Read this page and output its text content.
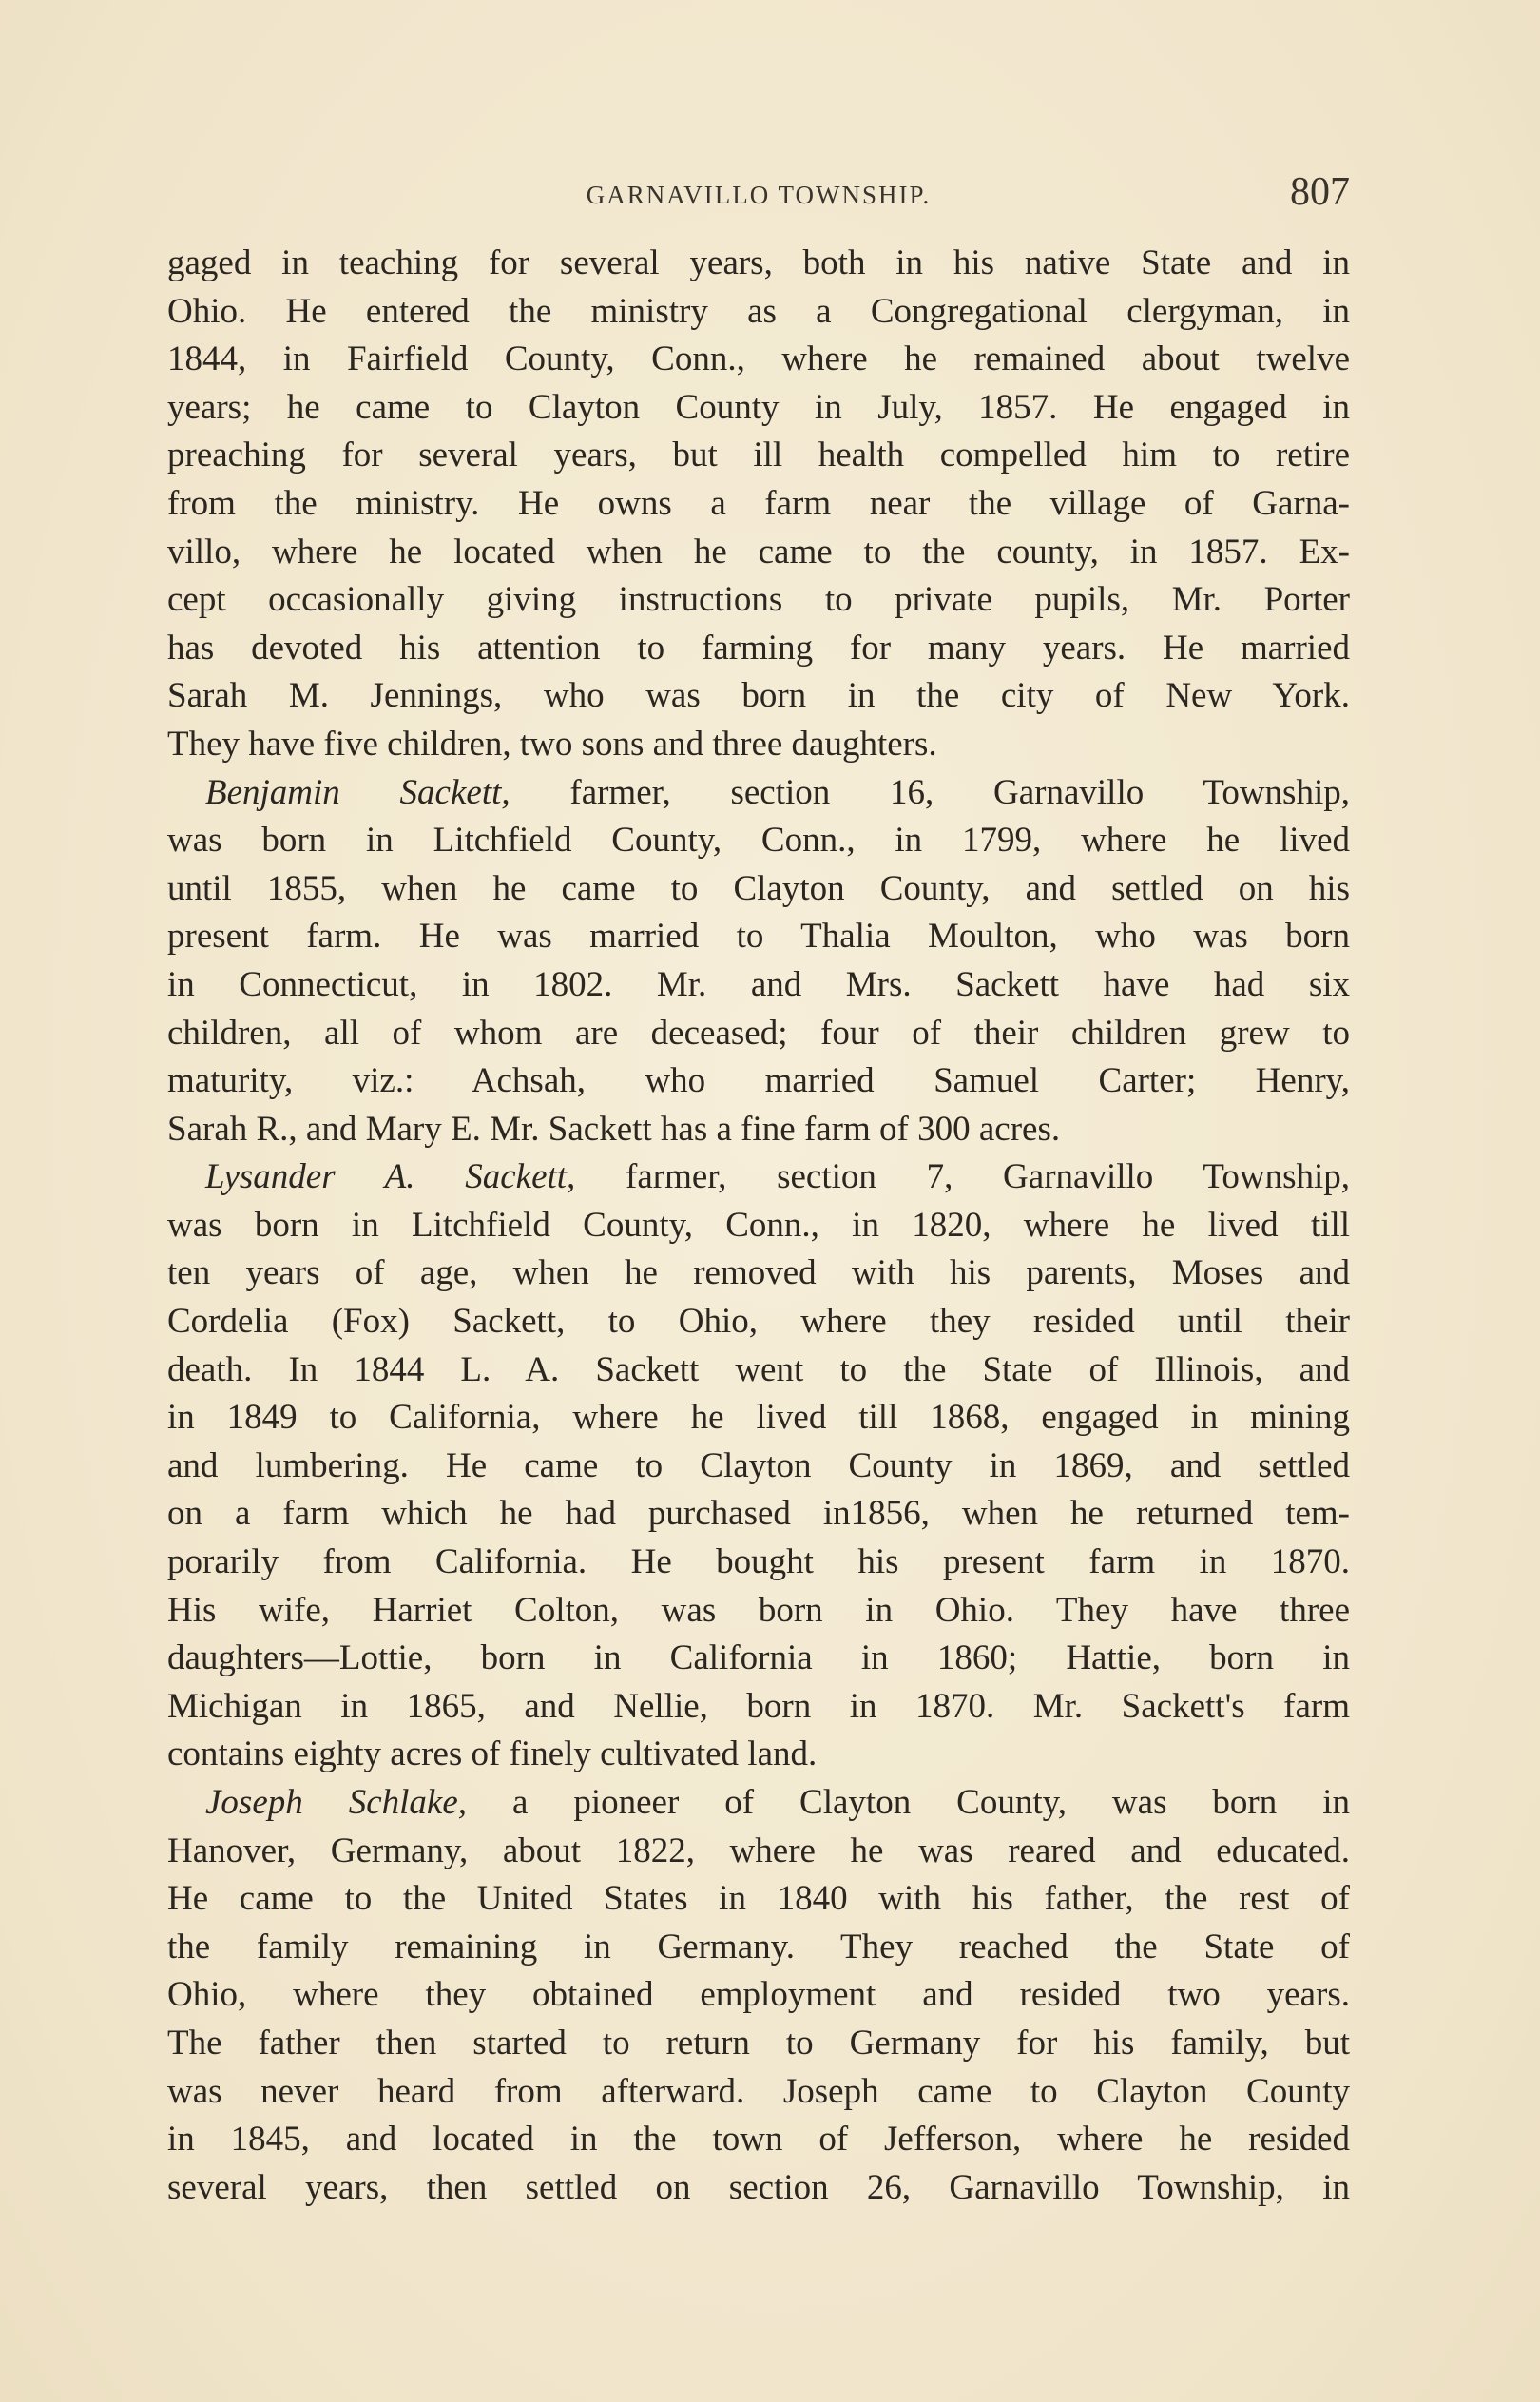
GARNAVILLO TOWNSHIP.	807
gaged in teaching for several years, both in his native State and in
Ohio. He entered the ministry as a Congregational clergyman, in
1844, in Fairfield County, Conn., where he remained about twelve
years; he came to Clayton County in July, 1857. He engaged in
preaching for several years, but ill health compelled him to retire
from the ministry. He owns a farm near the village of Garna-
villo, where he located when he came to the county, in 1857. Ex-
cept occasionally giving instructions to private pupils, Mr. Porter
has devoted his attention to farming for many years. He married
Sarah M. Jennings, who was born in the city of New York.
They have five children, two sons and three daughters.
Benjamin Sackett, farmer, section 16, Garnavillo Township,
was born in Litchfield County, Conn., in 1799, where he lived
until 1855, when he came to Clayton County, and settled on his
present farm. He was married to Thalia Moulton, who was born
in Connecticut, in 1802. Mr. and Mrs. Sackett have had six
children, all of whom are deceased; four of their children grew to
maturity, viz.: Achsah, who married Samuel Carter; Henry,
Sarah R., and Mary E. Mr. Sackett has a fine farm of 300 acres.
Lysander A. Sackett, farmer, section 7, Garnavillo Township,
was born in Litchfield County, Conn., in 1820, where he lived till
ten years of age, when he removed with his parents, Moses and
Cordelia (Fox) Sackett, to Ohio, where they resided until their
death. In 1844 L. A. Sackett went to the State of Illinois, and
in 1849 to California, where he lived till 1868, engaged in mining
and lumbering. He came to Clayton County in 1869, and settled
on a farm which he had purchased in1856, when he returned tem-
porarily from California. He bought his present farm in 1870.
His wife, Harriet Colton, was born in Ohio. They have three
daughters—Lottie, born in California in 1860; Hattie, born in
Michigan in 1865, and Nellie, born in 1870. Mr. Sackett's farm
contains eighty acres of finely cultivated land.
Joseph Schlake, a pioneer of Clayton County, was born in
Hanover, Germany, about 1822, where he was reared and educated.
He came to the United States in 1840 with his father, the rest of
the family remaining in Germany. They reached the State of
Ohio, where they obtained employment and resided two years.
The father then started to return to Germany for his family, but
was never heard from afterward. Joseph came to Clayton County
in 1845, and located in the town of Jefferson, where he resided
several years, then settled on section 26, Garnavillo Township, in
